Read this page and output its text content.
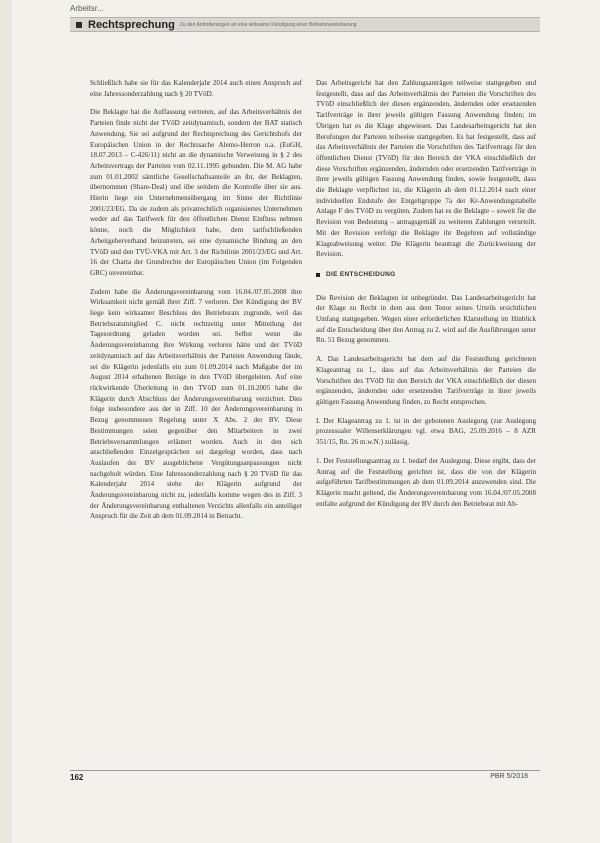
Arbeitsr...
Rechtsprechung Zu den Anforderungen an eine wirksame Kündigung einer Betriebsvereinbarung

Schließlich habe sie für das Kalenderjahr 2014 auch einen Anspruch auf eine Jahressonderzahlung nach § 20 TVöD.

Die Beklagte hat die Auffassung vertreten, auf das Arbeitsverhältnis der Parteien finde nicht der TVöD zeitdynamisch, sondern der BAT statisch Anwendung. Sie sei aufgrund der Rechtsprechung des Gerichtshofs der Europäischen Union in der Rechtssache Alemo-Herron u.a. (EuGH, 18.07.2013 – C-426/11) nicht an die dynamische Verweisung in § 2 des Arbeitsvertrags der Parteien vom 02.11.1995 gebunden. Die M. AG habe zum 01.01.2002 sämtliche Gesellschaftsanteile an ihr, der Beklagten, übernommen (Share-Deal) und übe seitdem die Kontrolle über sie aus. Hierin liege ein Unternehmensübergang im Sinne der Richtlinie 2001/23/EG. Da sie zudem als privatrechtlich organisiertes Unternehmen weder auf das Tarifwerk für den öffentlichen Dienst Einfluss nehmen könne, noch die Möglichkeit habe, dem tarifschließenden Arbeitgeberverband beizutreten, sei eine dynamische Bindung an den TVöD und den TVÜ-VKA mit Art. 3 der Richtlinie 2001/23/EG und Art. 16 der Charta der Grundrechte der Europäischen Union (im Folgenden GRC) unvereinbar.

Zudem habe die Änderungsvereinbarung vom 16.04./07.05.2008 ihre Wirksamkeit nicht gemäß ihrer Ziff. 7 verloren. Der Kündigung der BV liege kein wirksamer Beschluss des Betriebsrats zugrunde, weil das Betriebsratsmitglied C. nicht rechtzeitig unter Mitteilung der Tagesordnung geladen worden sei. Selbst wenn die Änderungsvereinbarung ihre Wirkung verloren hätte und der TVöD zeitdynamisch auf das Arbeitsverhältnis der Parteien Anwendung fände, sei die Klägerin jedenfalls ein zum 01.09.2014 nach Maßgabe der im August 2014 erhaltenen Bezüge in den TVöD übergeleiten. Auf eine rückwirkende Überleitung in den TVöD zum 01.10.2005 habe die Klägerin durch Abschluss der Änderungsvereinbarung verzichtet. Dies folge insbesondere aus der in Ziff. 10 der Änderungsvereinbarung in Bezug genommenen Regelung unter X Abs. 2 der BV. Diese Bestimmungen seien gegenüber den Mitarbeitern in zwei Betriebsversammlungen erläutert worden. Auch in den sich anschließenden Einzelgesprächen sei dargelegt worden, dass nach Auslaufen der BV ausgeblichene Vergütungsanpassungen nicht nachgeholt würden. Eine Jahressonderzahlung nach § 20 TVöD für das Kalenderjahr 2014 stehe der Klägerin aufgrund der Änderungsvereinbarung nicht zu, jedenfalls komme wegen des in Ziff. 3 der Änderungsvereinbarung enthaltenen Verzichts allenfalls ein anteiliger Anspruch für die Zeit ab dem 01.09.2014 in Betracht.

Das Arbeitsgericht hat den Zahlungsanträgen teilweise stattgegeben und festgestellt, dass auf das Arbeitsverhältnis der Parteien die Vorschriften des TVöD einschließlich der diesen ergänzenden, ändernden oder ersetzenden Tarifverträge in ihrer jeweils gültigen Fassung Anwendung finden; im Übrigen hat es die Klage abgewiesen. Das Landesarbeitsgericht hat den Berufungen der Parteien teilweise stattgegeben. Es hat festgestellt, dass auf das Arbeitsverhältnis der Parteien die Vorschriften des Tarifvertrags für den öffentlichen Dienst (TVöD) für den Bereich der VKA einschließlich der diese Vorschriften ergänzenden, ändernden oder ersetzenden Tarifverträge in ihrer jeweils gültigen Fassung Anwendung finden, sowie festgestellt, dass die Beklagte verpflichtet ist, die Klägerin ab dem 01.12.2014 nach einer individuellen Endstufe der Entgeltgruppe 7a der Kr-Anwendungstabelle Anlage F des TVöD zu vergüten. Zudem hat es die Beklagte – soweit für die Revision von Bedeutung – antragsgemäß zu weiteren Zahlungen verurteilt. Mit der Revision verfolgt die Beklagte ihr Begehren auf vollständige Klageabweisung weiter. Die Klägerin beantragt die Zurückweisung der Revision.

DIE ENTSCHEIDUNG

Die Revision der Beklagten ist unbegründet. Das Landesarbeitsgericht hat der Klage zu Recht in dem aus dem Tenor seines Urteils ersichtlichen Umfang stattgegeben. Wegen einer erforderlichen Klarstellung im Hinblick auf die Entscheidung über den Antrag zu 2. wird auf die Ausführungen unter Rn. 51 Bezug genommen.

A. Das Landesarbeitsgericht hat dem auf die Feststellung gerichteten Klageantrag zu 1., dass auf das Arbeitsverhältnis der Parteien die Vorschriften des TVöD für den Bereich der VKA einschließlich der diesen ergänzenden, ändernden oder ersetzenden Tarifverträge in ihrer jeweils gültigen Fassung Anwendung finden, zu Recht entsprochen.

I. Der Klageantrag zu 1. ist in der gebotenen Auslegung (zur Auslegung prozessualer Willenserklärungen vgl. etwa BAG, 25.09.2016 – 8 AZR 351/15, Rn. 26 m.w.N.) zulässig.

1. Der Feststellungsantrag zu 1. bedarf der Auslegung. Diese ergibt, dass der Antrag auf die Feststellung gerichtet ist, dass die von der Klägerin aufgeführten Tarifbestimmungen ab dem 01.09.2014 anzuwenden sind. Die Klägerin macht geltend, die Änderungsvereinbarung vom 16.04./07.05.2008 entfalte aufgrund der Kündigung der BV durch den Betriebsrat mit Ab-

162	PBR 5/2018
